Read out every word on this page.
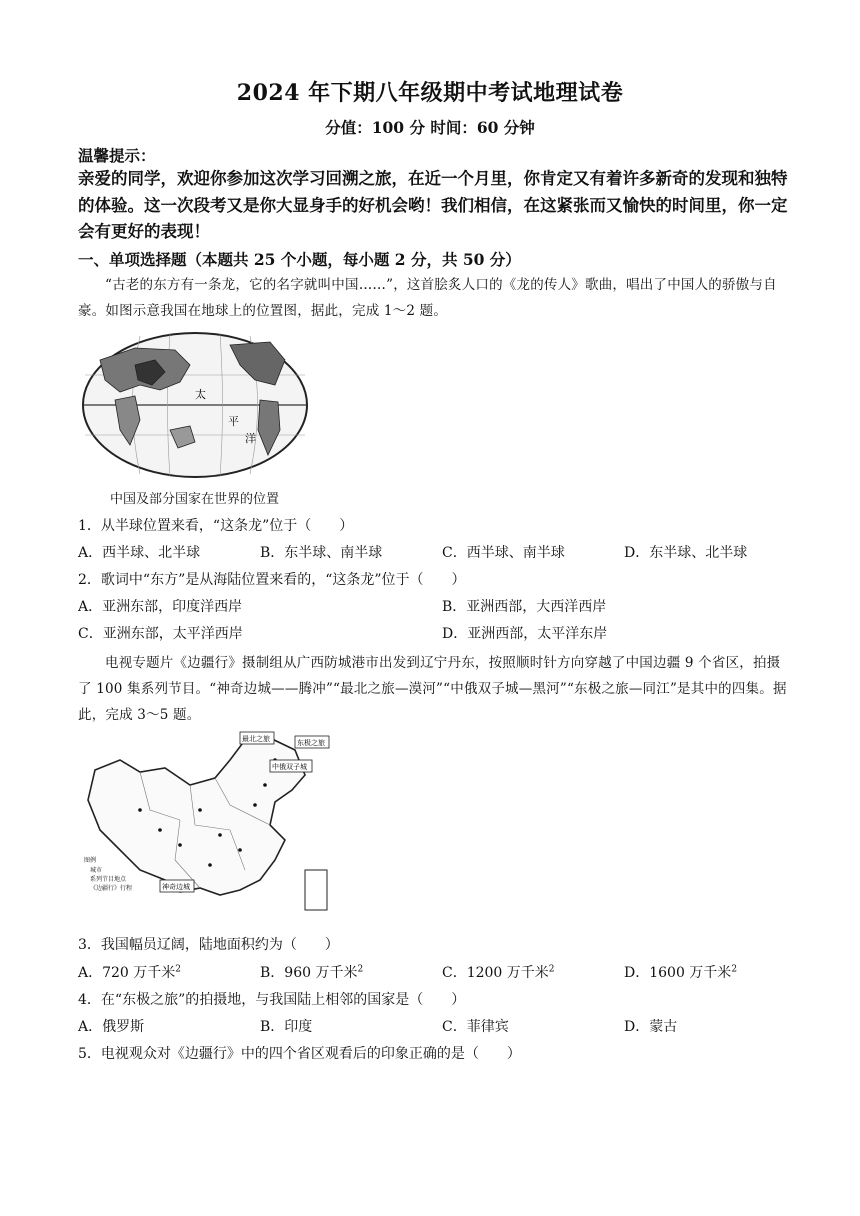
2024 年下期八年级期中考试地理试卷
分值：100 分 时间：60 分钟
温馨提示：
亲爱的同学，欢迎你参加这次学习回溯之旅，在近一个月里，你肯定又有着许多新奇的发现和独特的体验。这一次段考又是你大显身手的好机会哟！我们相信，在这紧张而又愉快的时间里，你一定会有更好的表现！
一、单项选择题（本题共 25 个小题，每小题 2 分，共 50 分）
“古老的东方有一条龙，它的名字就叫中国……”，这首脍炙人口的《龙的传人》歌曲，唱出了中国人的骄傲与自豪。如图示意我国在地球上的位置图，据此，完成 1～2 题。
太
平
洋
中国及部分国家在世界的位置
1．从半球位置来看，“这条龙”位于（　　）
A．西半球、北半球	B．东半球、南半球	C．西半球、南半球	D．东半球、北半球
2．歌词中“东方”是从海陆位置来看的，“这条龙”位于（　　）
A．亚洲东部，印度洋西岸	B．亚洲西部，大西洋西岸
C．亚洲东部，太平洋西岸	D．亚洲西部，太平洋东岸
电视专题片《边疆行》摄制组从广西防城港市出发到辽宁丹东，按照顺时针方向穿越了中国边疆 9 个省区，拍摄了 100 集系列节目。“神奇边城——腾冲”“最北之旅—漠河”“中俄双子城—黑河”“东极之旅—同江”是其中的四集。据此，完成 3～5 题。
最北之旅	东极之旅
中俄双子城
神奇边城
图例
城市
系列节目地点
《边疆行》行程
3．我国幅员辽阔，陆地面积约为（　　）
A．720 万千米$^2$	B．960 万千米$^2$	C．1200 万千米$^2$	D．1600 万千米$^2$
4．在“东极之旅”的拍摄地，与我国陆上相邻的国家是（　　）
A．俄罗斯	B．印度	C．菲律宾	D．蒙古
5．电视观众对《边疆行》中的四个省区观看后的印象正确的是（　　）
